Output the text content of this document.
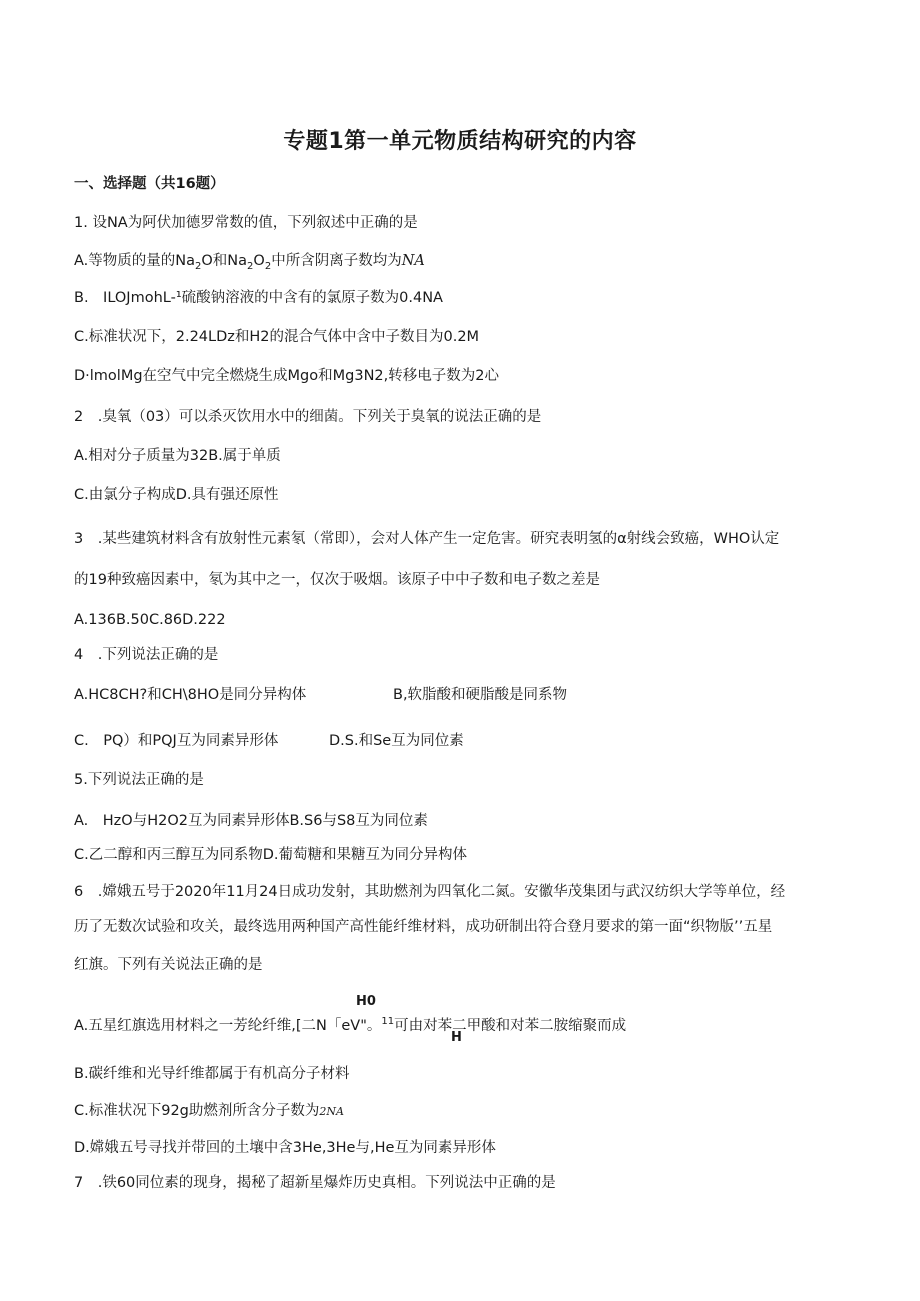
专题1第一单元物质结构研究的内容
一、选择题（共16题）
1. 设NA为阿伏加德罗常数的值，下列叙述中正确的是
A.等物质的量的$Na_2O$和$Na_2O_2$中所含阴离子数均为NA
B.　ILOJmohL-¹硫酸钠溶液的中含有的氯原子数为0.4NA
C.标准状况下，2.24LDz和H2的混合气体中含中子数目为0.2M
D·lmolMg在空气中完全燃烧生成Mgo和Mg3N2,转移电子数为2心
2　.臭氧（03）可以杀灭饮用水中的细菌。下列关于臭氧的说法正确的是
A.相对分子质量为32B.属于单质
C.由氯分子构成D.具有强还原性
3　.某些建筑材料含有放射性元素氡（常即），会对人体产生一定危害。研究表明氢的α射线会致癌，WHO认定
的19种致癌因素中，氡为其中之一，仅次于吸烟。该原子中中子数和电子数之差是
A.136B.50C.86D.222
4　.下列说法正确的是
A.HC8CH?和CH\8HO是同分异构体	B,软脂酸和硬脂酸是同系物
C.　PQ）和PQJ互为同素异形体	D.S.和Se互为同位素
5.下列说法正确的是
A.　HzO与H2O2互为同素异形体B.S6与S8互为同位素
C.乙二醇和丙三醇互为同系物D.葡萄糖和果糖互为同分异构体
6　.嫦娥五号于2020年11月24日成功发射，其助燃剂为四氧化二氮。安徽华茂集团与武汉纺织大学等单位，经
历了无数次试验和攻关，最终选用两种国产高性能纤维材料，成功研制出符合登月要求的第一面“织物版’’五星
红旗。下列有关说法正确的是
H0
A.五星红旗选用材料之一芳纶纤维,[⼆N「eV"。$^{11}$可由对苯二甲酸和对苯二胺缩聚而成
H
B.碳纤维和光导纤维都属于有机高分子材料
C.标准状况下92g助燃剂所含分子数为2NA
D.嫦娥五号寻找并带回的土壤中含3He,3He与,He互为同素异形体
7　.铁60同位素的现身，揭秘了超新星爆炸历史真相。下列说法中正确的是
